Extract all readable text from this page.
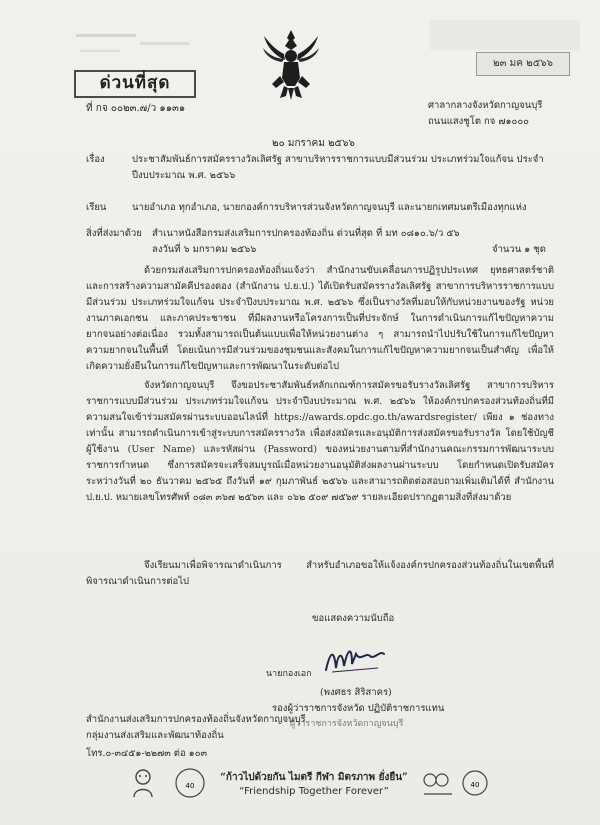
ด่วนที่สุด
ที่ กจ ๐๐๒๓.๗/ว ๑๑๓๑
๒๓ มค ๒๕๖๖
ศาลากลางจังหวัดกาญจนบุรี
ถนนแสงชูโต กจ ๗๑๐๐๐
๒๐ มกราคม ๒๕๖๖
เรื่อง	ประชาสัมพันธ์การสมัครรางวัลเลิศรัฐ สาขาบริหารราชการแบบมีส่วนร่วม ประเภทร่วมใจแก้จน ประจำปีงบประมาณ พ.ศ. ๒๕๖๖
เรียน	นายอำเภอ ทุกอำเภอ, นายกองค์การบริหารส่วนจังหวัดกาญจนบุรี และนายกเทศมนตรีเมืองทุกแห่ง
สิ่งที่ส่งมาด้วย สำเนาหนังสือกรมส่งเสริมการปกครองท้องถิ่น ด่วนที่สุด ที่ มท ๐๘๑๐.๖/ว ๕๖
ลงวันที่ ๖ มกราคม ๒๕๖๖	จำนวน ๑ ชุด
ด้วยกรมส่งเสริมการปกครองท้องถิ่นแจ้งว่า สำนักงานขับเคลื่อนการปฏิรูปประเทศ ยุทธศาสตร์ชาติ และการสร้างความสามัคคีปรองดอง (สำนักงาน ป.ย.ป.) ได้เปิดรับสมัครรางวัลเลิศรัฐ สาขาการบริหารราชการแบบมีส่วนร่วม ประเภทร่วมใจแก้จน ประจำปีงบประมาณ พ.ศ. ๒๕๖๖ ซึ่งเป็นรางวัลที่มอบให้กับหน่วยงานของรัฐ หน่วยงานภาคเอกชน และภาคประชาชน ที่มีผลงานหรือโครงการเป็นที่ประจักษ์ ในการดำเนินการแก้ไขปัญหาความยากจนอย่างต่อเนื่อง รวมทั้งสามารถเป็นต้นแบบเพื่อให้หน่วยงานต่าง ๆ สามารถนำไปปรับใช้ในการแก้ไขปัญหาความยากจนในพื้นที่ โดยเน้นการมีส่วนร่วมของชุมชนและสังคมในการแก้ไขปัญหาความยากจนเป็นสำคัญ เพื่อให้เกิดความยั่งยืนในการแก้ไขปัญหาและการพัฒนาในระดับต่อไป
จังหวัดกาญจนบุรี จึงขอประชาสัมพันธ์หลักเกณฑ์การสมัครขอรับรางวัลเลิศรัฐ สาขาการบริหารราชการแบบมีส่วนร่วม ประเภทร่วมใจแก้จน ประจำปีงบประมาณ พ.ศ. ๒๕๖๖ ให้องค์กรปกครองส่วนท้องถิ่นที่มีความสนใจเข้าร่วมสมัครผ่านระบบออนไลน์ที่ https://awards.opdc.go.th/awardsregister/ เพียง ๑ ช่องทางเท่านั้น สามารถดำเนินการเข้าสู่ระบบการสมัครรางวัล เพื่อส่งสมัครและอนุมัติการส่งสมัครขอรับรางวัล โดยใช้บัญชีผู้ใช้งาน (User Name) และรหัสผ่าน (Password) ของหน่วยงานตามที่สำนักงานคณะกรรมการพัฒนาระบบราชการกำหนด ซึ่งการสมัครจะเสร็จสมบูรณ์เมื่อหน่วยงานอนุมัติส่งผลงานผ่านระบบ โดยกำหนดเปิดรับสมัครระหว่างวันที่ ๒๐ ธันวาคม ๒๕๖๕ ถึงวันที่ ๑๙ กุมภาพันธ์ ๒๕๖๖ และสามารถติดต่อสอบถามเพิ่มเติมได้ที่ สำนักงาน ป.ย.ป. หมายเลขโทรศัพท์ ๐๘๓ ๓๖๗ ๒๕๖๓ และ ๐๖๒ ๕๐๙ ๗๕๖๙ รายละเอียดปรากฏตามสิ่งที่ส่งมาด้วย
จึงเรียนมาเพื่อพิจารณาดำเนินการ สำหรับอำเภอขอให้แจ้งองค์กรปกครองส่วนท้องถิ่นในเขตพื้นที่พิจารณาดำเนินการต่อไป
ขอแสดงความนับถือ
นายกองเอก
(พงศธร สิริสาคร)
รองผู้ว่าราชการจังหวัด ปฏิบัติราชการแทน
ผู้ว่าราชการจังหวัดกาญจนบุรี
สำนักงานส่งเสริมการปกครองท้องถิ่นจังหวัดกาญจนบุรี
กลุ่มงานส่งเสริมและพัฒนาท้องถิ่น
โทร.๐-๓๔๕๑-๒๒๗๓ ต่อ ๑๐๓
40
“ก้าวไปด้วยกัน ไมตรี กีฬา มิตรภาพ ยั่งยืน”
“Friendship Together Forever”
40
